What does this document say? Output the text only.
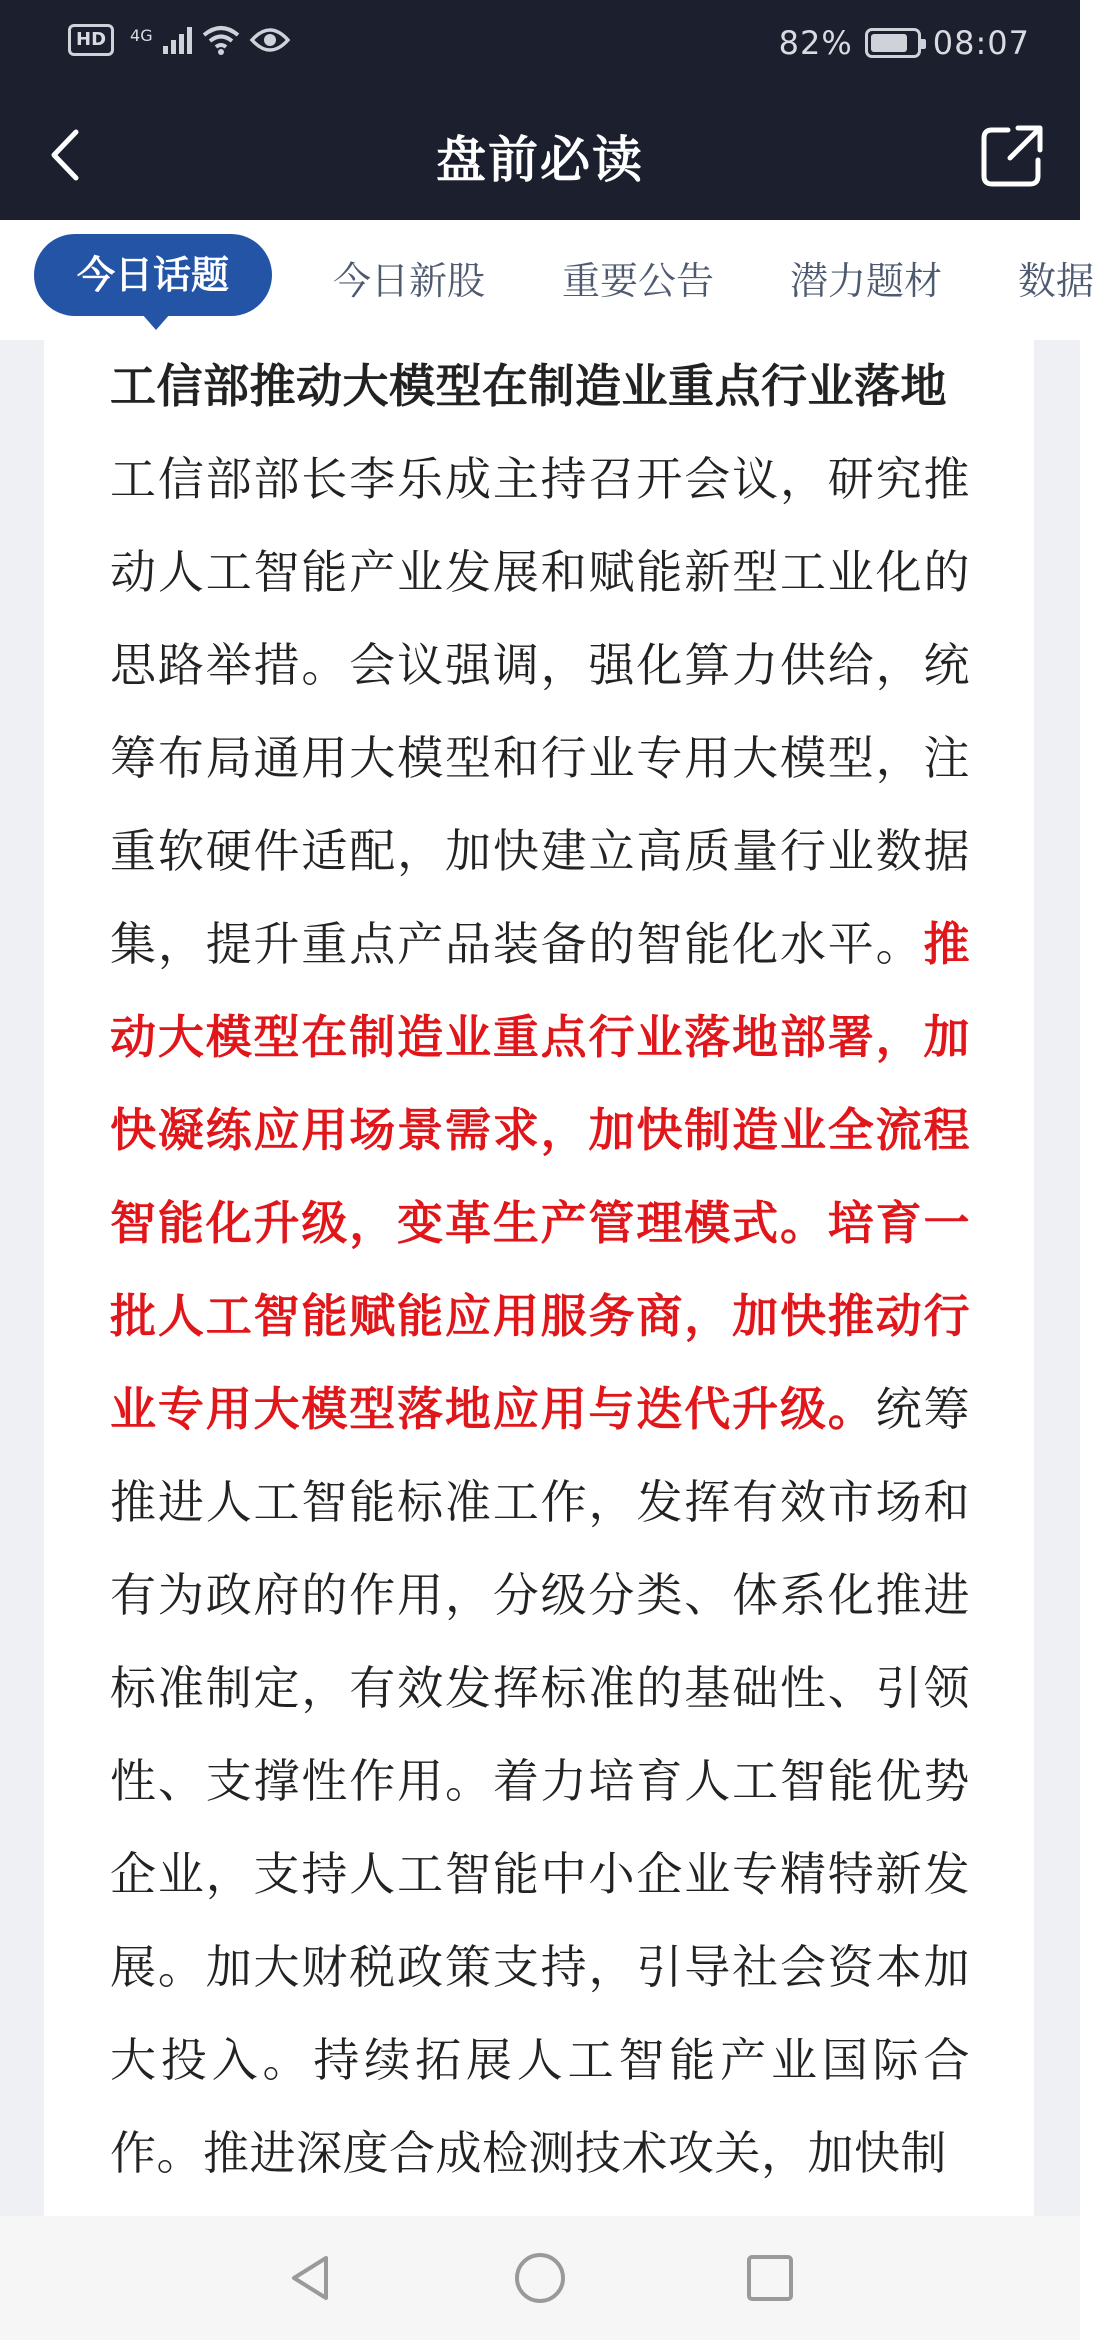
HD	4G	82%	08:07
盘前必读
今日话题	今日新股 重要公告 潜力题材 数据

工信部推动大模型在制造业重点行业落地

工信部部长李乐成主持召开会议，研究推动人工智能产业发展和赋能新型工业化的思路举措。会议强调，强化算力供给，统筹布局通用大模型和行业专用大模型，注重软硬件适配，加快建立高质量行业数据集，提升重点产品装备的智能化水平。推动大模型在制造业重点行业落地部署，加快凝练应用场景需求，加快制造业全流程智能化升级，变革生产管理模式。培育一批人工智能赋能应用服务商，加快推动行业专用大模型落地应用与迭代升级。统筹推进人工智能标准工作，发挥有效市场和有为政府的作用，分级分类、体系化推进标准制定，有效发挥标准的基础性、引领性、支撑性作用。着力培育人工智能优势企业，支持人工智能中小企业专精特新发展。加大财税政策支持，引导社会资本加大投入。持续拓展人工智能产业国际合作。推进深度合成检测技术攻关，加快制
